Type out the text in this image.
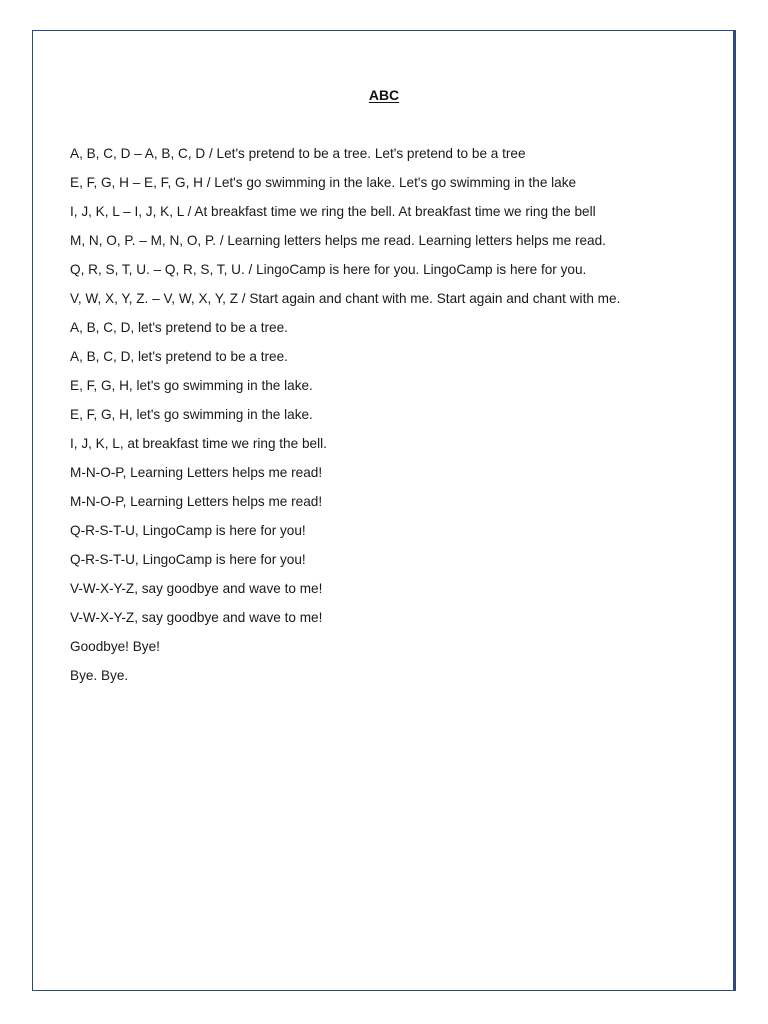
ABC
A, B, C, D – A, B, C, D / Let's pretend to be a tree. Let's pretend to be a tree
E, F, G, H – E, F, G, H / Let's go swimming in the lake. Let's go swimming in the lake
I, J, K, L – I, J, K, L / At breakfast time we ring the bell. At breakfast time we ring the bell
M, N, O, P. – M, N, O, P. / Learning letters helps me read. Learning letters helps me read.
Q, R, S, T, U. – Q, R, S, T, U. / LingoCamp is here for you. LingoCamp is here for you.
V, W, X, Y, Z. – V, W, X, Y, Z / Start again and chant with me. Start again and chant with me.
A, B, C, D, let's pretend to be a tree.
A, B, C, D, let's pretend to be a tree.
E, F, G, H, let's go swimming in the lake.
E, F, G, H, let's go swimming in the lake.
I, J, K, L, at breakfast time we ring the bell.
M-N-O-P, Learning Letters helps me read!
M-N-O-P, Learning Letters helps me read!
Q-R-S-T-U, LingoCamp is here for you!
Q-R-S-T-U, LingoCamp is here for you!
V-W-X-Y-Z, say goodbye and wave to me!
V-W-X-Y-Z, say goodbye and wave to me!
Goodbye! Bye!
Bye. Bye.
